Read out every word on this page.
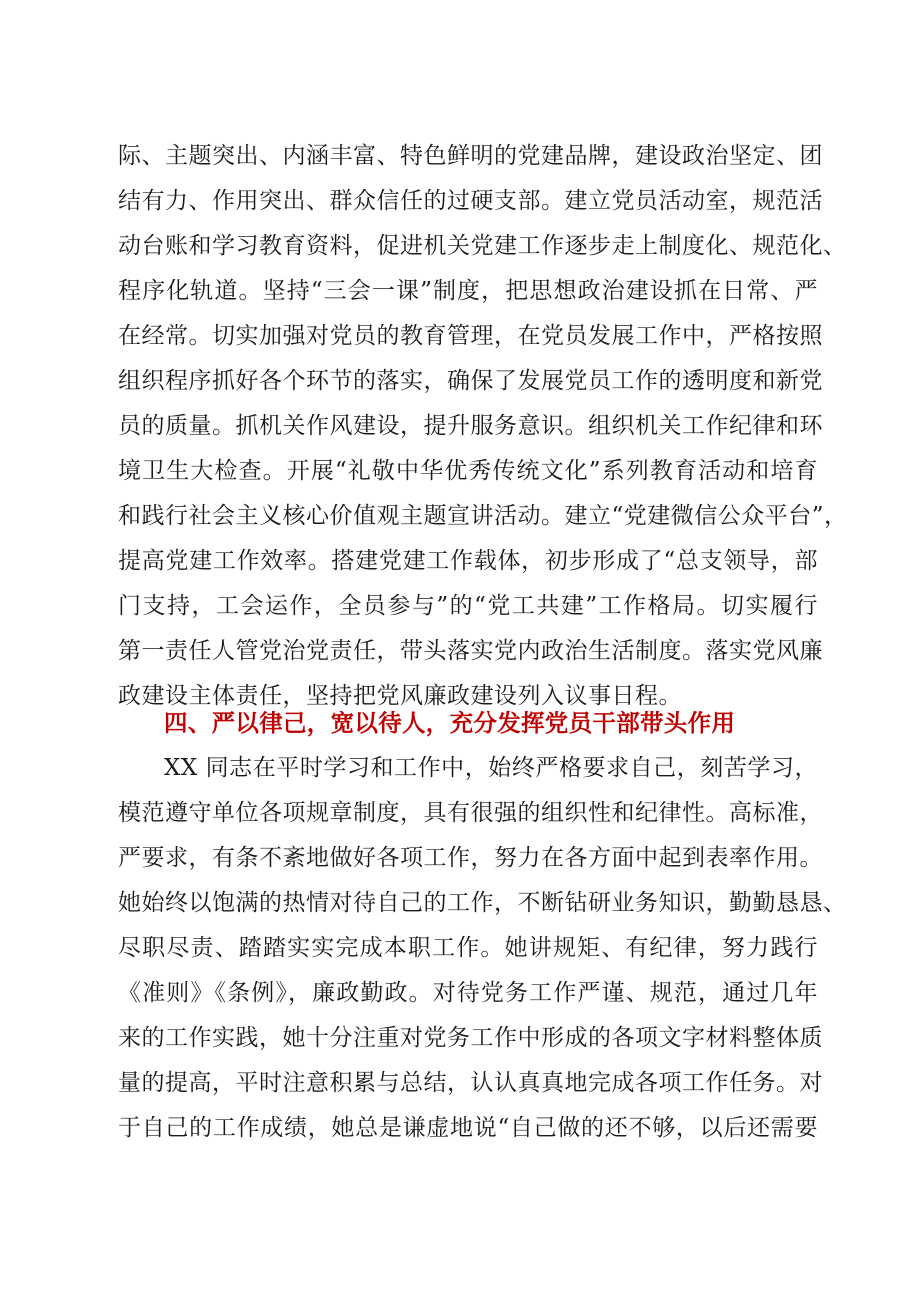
际、主题突出、内涵丰富、特色鲜明的党建品牌，建设政治坚定、团
结有力、作用突出、群众信任的过硬支部。建立党员活动室，规范活
动台账和学习教育资料，促进机关党建工作逐步走上制度化、规范化、
程序化轨道。坚持“三会一课”制度，把思想政治建设抓在日常、严
在经常。切实加强对党员的教育管理，在党员发展工作中，严格按照
组织程序抓好各个环节的落实，确保了发展党员工作的透明度和新党
员的质量。抓机关作风建设，提升服务意识。组织机关工作纪律和环
境卫生大检查。开展“礼敬中华优秀传统文化”系列教育活动和培育
和践行社会主义核心价值观主题宣讲活动。建立“党建微信公众平台”，
提高党建工作效率。搭建党建工作载体，初步形成了“总支领导，部
门支持，工会运作，全员参与”的“党工共建”工作格局。切实履行
第一责任人管党治党责任，带头落实党内政治生活制度。落实党风廉
政建设主体责任，坚持把党风廉政建设列入议事日程。
四、严以律己，宽以待人，充分发挥党员干部带头作用
XX 同志在平时学习和工作中，始终严格要求自己，刻苦学习，
模范遵守单位各项规章制度，具有很强的组织性和纪律性。高标准，
严要求，有条不紊地做好各项工作，努力在各方面中起到表率作用。
她始终以饱满的热情对待自己的工作，不断钻研业务知识，勤勤恳恳、
尽职尽责、踏踏实实完成本职工作。她讲规矩、有纪律，努力践行
《准则》《条例》，廉政勤政。对待党务工作严谨、规范，通过几年
来的工作实践，她十分注重对党务工作中形成的各项文字材料整体质
量的提高，平时注意积累与总结，认认真真地完成各项工作任务。对
于自己的工作成绩，她总是谦虚地说“自己做的还不够，以后还需要
